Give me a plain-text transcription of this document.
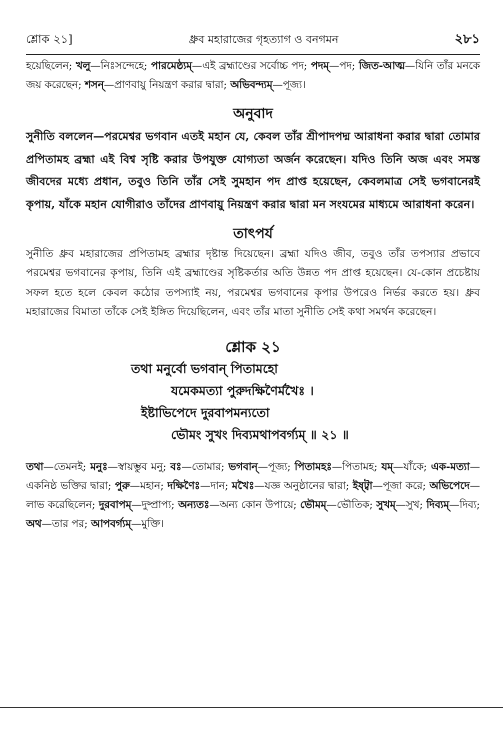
শ্লোক ২১]	ধ্রুব মহারাজের গৃহত্যাগ ও বনগমন	২৮১

হয়েছিলেন; খলু—নিঃসন্দেহে; পারমেষ্ঠ্যম্—এই ব্রহ্মাণ্ডের সর্বোচ্চ পদ; পদম্—পদ; জিত-আত্ম—যিনি তাঁর মনকে জয় করেছেন; শসন্—প্রাণবায়ু নিয়ন্ত্রণ করার দ্বারা; অভিবন্দ্যম্—পূজ্য।

অনুবাদ

সুনীতি বললেন—পরমেশ্বর ভগবান এতই মহান যে, কেবল তাঁর শ্রীপাদপদ্ম আরাধনা করার দ্বারা তোমার প্রপিতামহ ব্রহ্মা এই বিশ্ব সৃষ্টি করার উপযুক্ত যোগ্যতা অর্জন করেছেন। যদিও তিনি অজ এবং সমস্ত জীবদের মধ্যে প্রধান, তবুও তিনি তাঁর সেই সুমহান পদ প্রাপ্ত হয়েছেন, কেবলমাত্র সেই ভগবানেরই কৃপায়, যাঁকে মহান যোগীরাও তাঁদের প্রাণবায়ু নিয়ন্ত্রণ করার দ্বারা মন সংযমের মাধ্যমে আরাধনা করেন।

তাৎপর্য

সুনীতি ধ্রুব মহারাজের প্রপিতামহ ব্রহ্মার দৃষ্টান্ত দিয়েছেন। ব্রহ্মা যদিও জীব, তবুও তাঁর তপস্যার প্রভাবে পরমেশ্বর ভগবানের কৃপায়, তিনি এই ব্রহ্মাণ্ডের সৃষ্টিকর্তার অতি উন্নত পদ প্রাপ্ত হয়েছেন। যে-কোন প্রচেষ্টায় সফল হতে হলে কেবল কঠোর তপস্যাই নয়, পরমেশ্বর ভগবানের কৃপার উপরেও নির্ভর করতে হয়। ধ্রুব মহারাজের বিমাতা তাঁকে সেই ইঙ্গিত দিয়েছিলেন, এবং তাঁর মাতা সুনীতি সেই কথা সমর্থন করেছেন।

শ্লোক ২১
তথা মনুর্বো ভগবান্ পিতামহো
যমেকমত্যা পুরুদক্ষিণৈর্মখৈঃ ।
ইষ্টাভিপেদে দুরবাপমন্যতো
ভৌমং সুখং দিব্যমথাপবর্গ্যম্ ॥ ২১ ॥

তথা—তেমনই; মনুঃ—স্বায়ম্ভুব মনু; বঃ—তোমার; ভগবান্—পূজ্য; পিতামহঃ—পিতামহ; যম্—যাঁকে; এক-মত্যা—একনিষ্ঠ ভক্তির দ্বারা; পুরু—মহান; দক্ষিণৈঃ—দান; মখৈঃ—যজ্ঞ অনুষ্ঠানের দ্বারা; ইষ্ট্বা—পূজা করে; অভিপেদে—লাভ করেছিলেন; দুরবাপম্—দুষ্প্রাপ্য; অন্যতঃ—অন্য কোন উপায়ে; ভৌমম্—ভৌতিক; সুখম্—সুখ; দিব্যম্—দিব্য; অথ—তার পর; আপবর্গ্যম্—মুক্তি।
